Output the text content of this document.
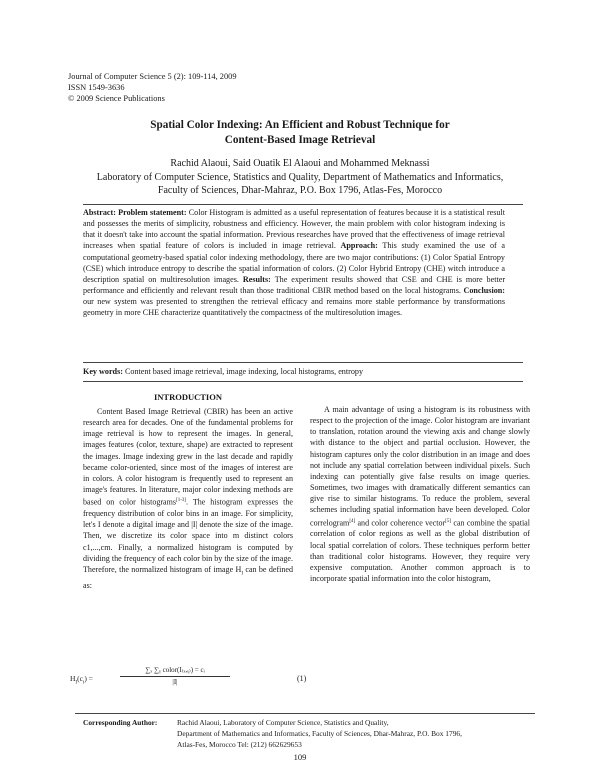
Journal of Computer Science 5 (2): 109-114, 2009
ISSN 1549-3636
© 2009 Science Publications
Spatial Color Indexing: An Efficient and Robust Technique for
Content-Based Image Retrieval
Rachid Alaoui, Said Ouatik El Alaoui and Mohammed Meknassi
Laboratory of Computer Science, Statistics and Quality, Department of Mathematics and Informatics,
Faculty of Sciences, Dhar-Mahraz, P.O. Box 1796, Atlas-Fes, Morocco
Abstract: Problem statement: Color Histogram is admitted as a useful representation of features because it is a statistical result and possesses the merits of simplicity, robustness and efficiency. However, the main problem with color histogram indexing is that it doesn't take into account the spatial information. Previous researches have proved that the effectiveness of image retrieval increases when spatial feature of colors is included in image retrieval. Approach: This study examined the use of a computational geometry-based spatial color indexing methodology, there are two major contributions: (1) Color Spatial Entropy (CSE) which introduce entropy to describe the spatial information of colors. (2) Color Hybrid Entropy (CHE) witch introduce a description spatial on multiresolution images. Results: The experiment results showed that CSE and CHE is more better performance and efficiently and relevant result than those traditional CBIR method based on the local histograms. Conclusion: our new system was presented to strengthen the retrieval efficacy and remains more stable performance by transformations geometry in more CHE characterize quantitatively the compactness of the multiresolution images.
Key words: Content based image retrieval, image indexing, local histograms, entropy
INTRODUCTION

Content Based Image Retrieval (CBIR) has been an active research area for decades. One of the fundamental problems for image retrieval is how to represent the images. In general, images features (color, texture, shape) are extracted to represent the images. Image indexing grew in the last decade and rapidly became color-oriented, since most of the images of interest are in colors. A color histogram is frequently used to represent an image's features. In literature, major color indexing methods are based on color histograms[1-3]. The histogram expresses the frequency distribution of color bins in an image. For simplicity, let's I denote a digital image and |I| denote the size of the image. Then, we discretize its color space into m distinct colors c1,...,cm. Finally, a normalized histogram is computed by dividing the frequency of each color bin by the size of the image. Therefore, the normalized histogram of image $H_I$ can be defined as:

$H_I(c_i)$ =
∑ₓ ∑ᵧ color(I₍ₓ,ᵧ₎) = cᵢ
|I|	(1)

A main advantage of using a histogram is its robustness with respect to the projection of the image. Color histogram are invariant to translation, rotation around the viewing axis and change slowly with distance to the object and partial occlusion. However, the histogram captures only the color distribution in an image and does not include any spatial correlation between individual pixels. Such indexing can potentially give false results on image queries. Sometimes, two images with dramatically different semantics can give rise to similar histograms. To reduce the problem, several schemes including spatial information have been developed. Color correlogram[4] and color coherence vector[5] can combine the spatial correlation of color regions as well as the global distribution of local spatial correlation of colors. These techniques perform better than traditional color histograms. However, they require very expensive computation. Another common approach is to incorporate spatial information into the color histogram,

Corresponding Author:	Rachid Alaoui, Laboratory of Computer Science, Statistics and Quality,
Department of Mathematics and Informatics, Faculty of Sciences, Dhar-Mahraz, P.O. Box 1796,
Atlas-Fes, Morocco Tel: (212) 662629653
109
